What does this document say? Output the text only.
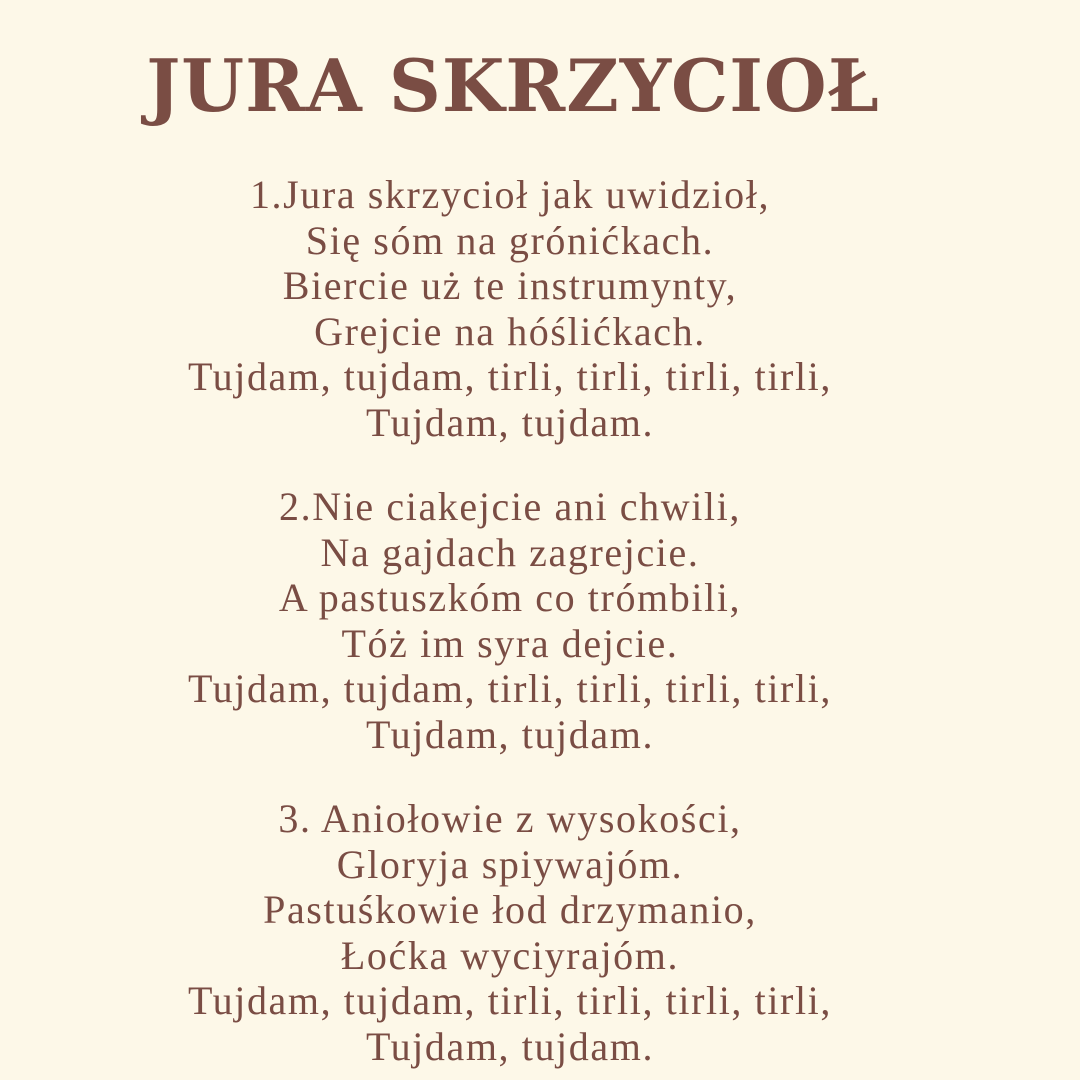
JURA SKRZYCIOŁ
1.Jura skrzycioł jak uwidzioł,
Się sóm na grónićkach.
Biercie uż te instrumynty,
Grejcie na hóślićkach.
Tujdam, tujdam, tirli, tirli, tirli, tirli,
Tujdam, tujdam.
2.Nie ciakejcie ani chwili,
Na gajdach zagrejcie.
A pastuszkóm co trómbili,
Tóż im syra dejcie.
Tujdam, tujdam, tirli, tirli, tirli, tirli,
Tujdam, tujdam.
3. Aniołowie z wysokości,
Gloryja spiywajóm.
Pastuśkowie łod drzymanio,
Łoćka wyciyrajóm.
Tujdam, tujdam, tirli, tirli, tirli, tirli,
Tujdam, tujdam.
